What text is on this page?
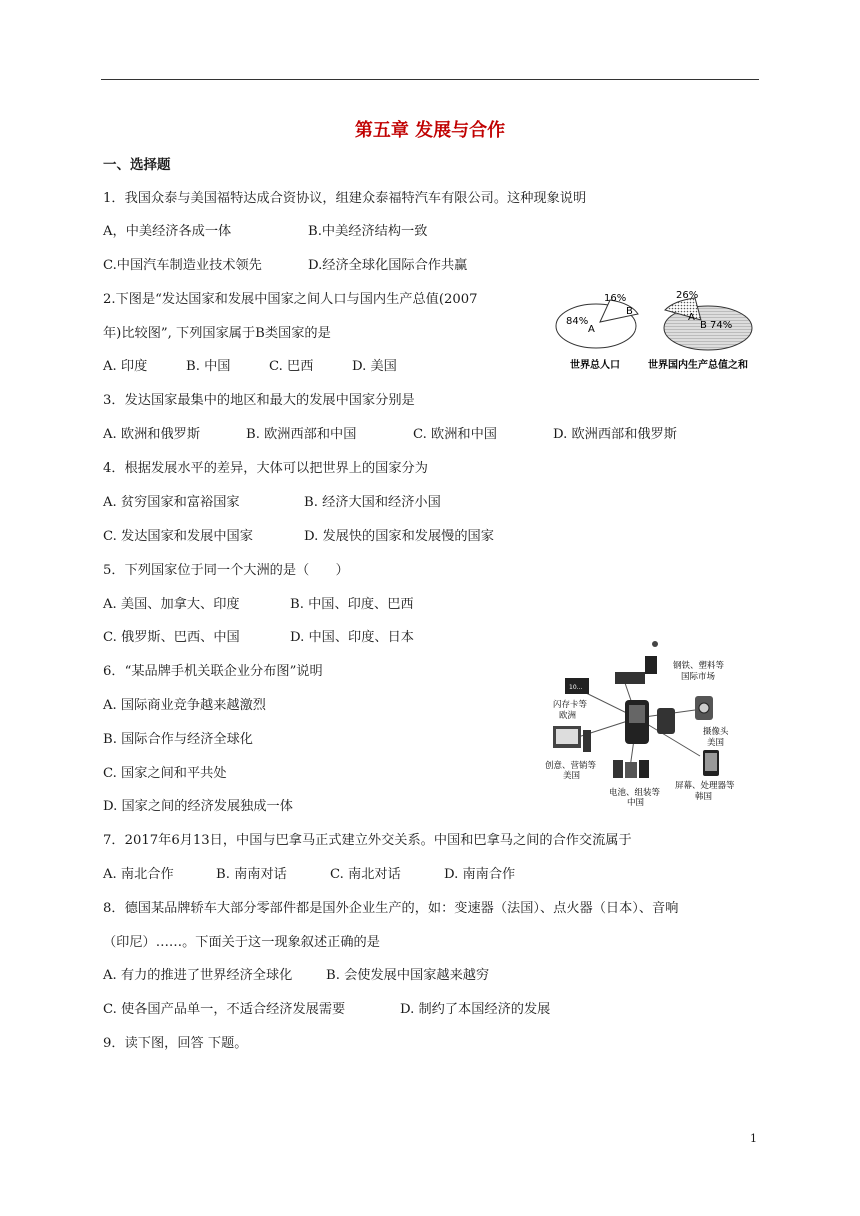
第五章 发展与合作
一、选择题
1．我国众泰与美国福特达成合资协议，组建众泰福特汽车有限公司。这种现象说明
A，中美经济各成一体	B.中美经济结构一致
C.中国汽车制造业技术领先	D.经济全球化国际合作共赢
2.下图是“发达国家和发展中国家之间人口与国内生产总值(2007
年)比较图”, 下列国家属于B类国家的是
A. 印度	B. 中国	C. 巴西	D. 美国
84%
A
16%
B
世界总人口
26%
A
B 74%
世界国内生产总值之和
3．发达国家最集中的地区和最大的发展中国家分别是
A. 欧洲和俄罗斯	B. 欧洲西部和中国	C. 欧洲和中国	D. 欧洲西部和俄罗斯
4．根据发展水平的差异，大体可以把世界上的国家分为
A. 贫穷国家和富裕国家	B. 经济大国和经济小国
C. 发达国家和发展中国家	D. 发展快的国家和发展慢的国家
5．下列国家位于同一个大洲的是（　　）
A. 美国、加拿大、印度	B. 中国、印度、巴西
C. 俄罗斯、巴西、中国	D. 中国、印度、日本
6．“某品牌手机关联企业分布图”说明
A. 国际商业竞争越来越激烈
B. 国际合作与经济全球化
C. 国家之间和平共处
D. 国家之间的经济发展独成一体
钢铁、塑料等
国际市场
10...
闪存卡等
欧洲
摄像头
美国
创意、营销等
美国
电池、组装等
中国
屏幕、处理器等
韩国
7．2017年6月13日，中国与巴拿马正式建立外交关系。中国和巴拿马之间的合作交流属于
A. 南北合作	B. 南南对话	C. 南北对话	D. 南南合作
8．德国某品牌轿车大部分零部件都是国外企业生产的，如：变速器（法国）、点火器（日本）、音响
（印尼）……。下面关于这一现象叙述正确的是
A. 有力的推进了世界经济全球化	B. 会使发展中国家越来越穷
C. 使各国产品单一，不适合经济发展需要	D. 制约了本国经济的发展
9．读下图，回答 下题。
1
